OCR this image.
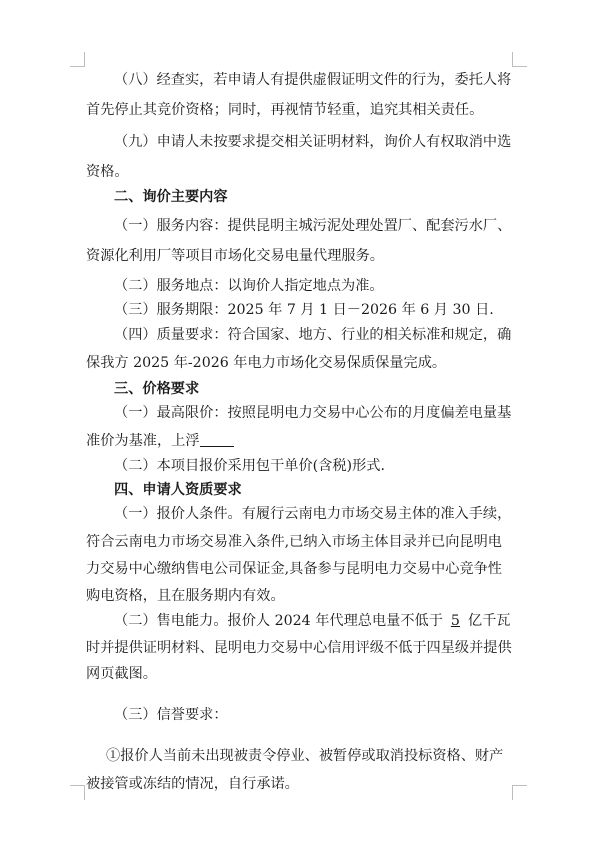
（八）经查实，若申请人有提供虚假证明文件的行为，委托人将
首先停止其竞价资格；同时，再视情节轻重，追究其相关责任。
（九）申请人未按要求提交相关证明材料，询价人有权取消中选
资格。
二、询价主要内容
（一）服务内容：提供昆明主城污泥处理处置厂、配套污水厂、
资源化利用厂等项目市场化交易电量代理服务。
（二）服务地点：以询价人指定地点为准。
（三）服务期限：2025 年 7 月 1 日－2026 年 6 月 30 日.
（四）质量要求：符合国家、地方、行业的相关标准和规定，确
保我方 2025 年-2026 年电力市场化交易保质保量完成。
三、价格要求
（一）最高限价：按照昆明电力交易中心公布的月度偏差电量基
准价为基准，上浮
（二）本项目报价采用包干单价(含税)形式.
四、申请人资质要求
（一）报价人条件。有履行云南电力市场交易主体的准入手续，
符合云南电力市场交易准入条件,已纳入市场主体目录并已向昆明电
力交易中心缴纳售电公司保证金,具备参与昆明电力交易中心竞争性
购电资格，且在服务期内有效。
（二）售电能力。报价人 2024 年代理总电量不低于 5 亿千瓦
时并提供证明材料、昆明电力交易中心信用评级不低于四星级并提供
网页截图。
（三）信誉要求：
①报价人当前未出现被责令停业、被暂停或取消投标资格、财产
被接管或冻结的情况，自行承诺。
